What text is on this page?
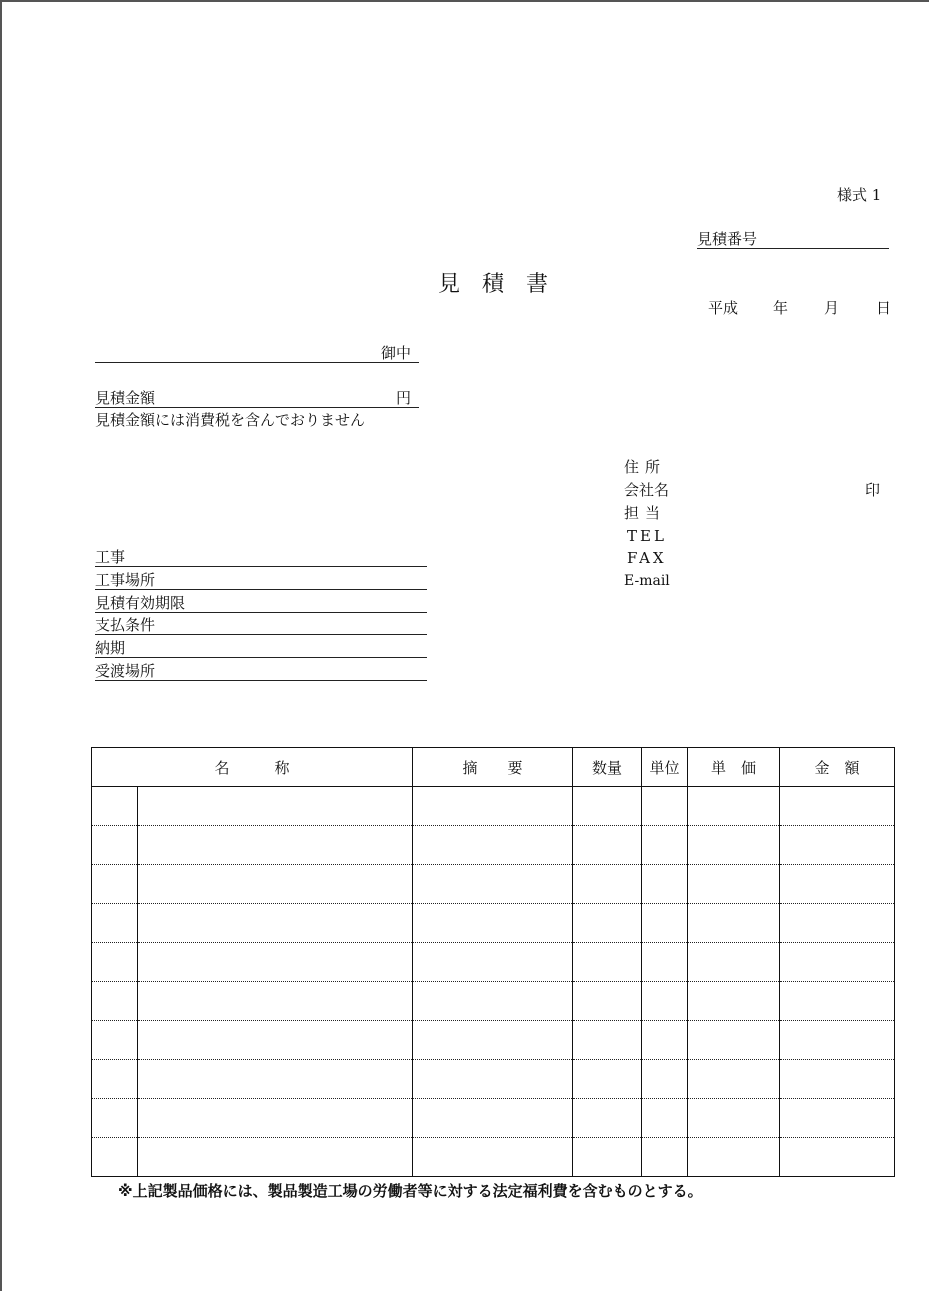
様式 1
見積番号
見積書
平成 年 月 日
御中
見積金額	円
見積金額には消費税を含んでおりません
住所
会社名	印
担当
TEL
FAX
E-mail
工事
工事場所
見積有効期限
支払条件
納期
受渡場所
名　　　称		摘　　要	数量	単位	単　価	金　額

※上記製品価格には、製品製造工場の労働者等に対する法定福利費を含むものとする。
